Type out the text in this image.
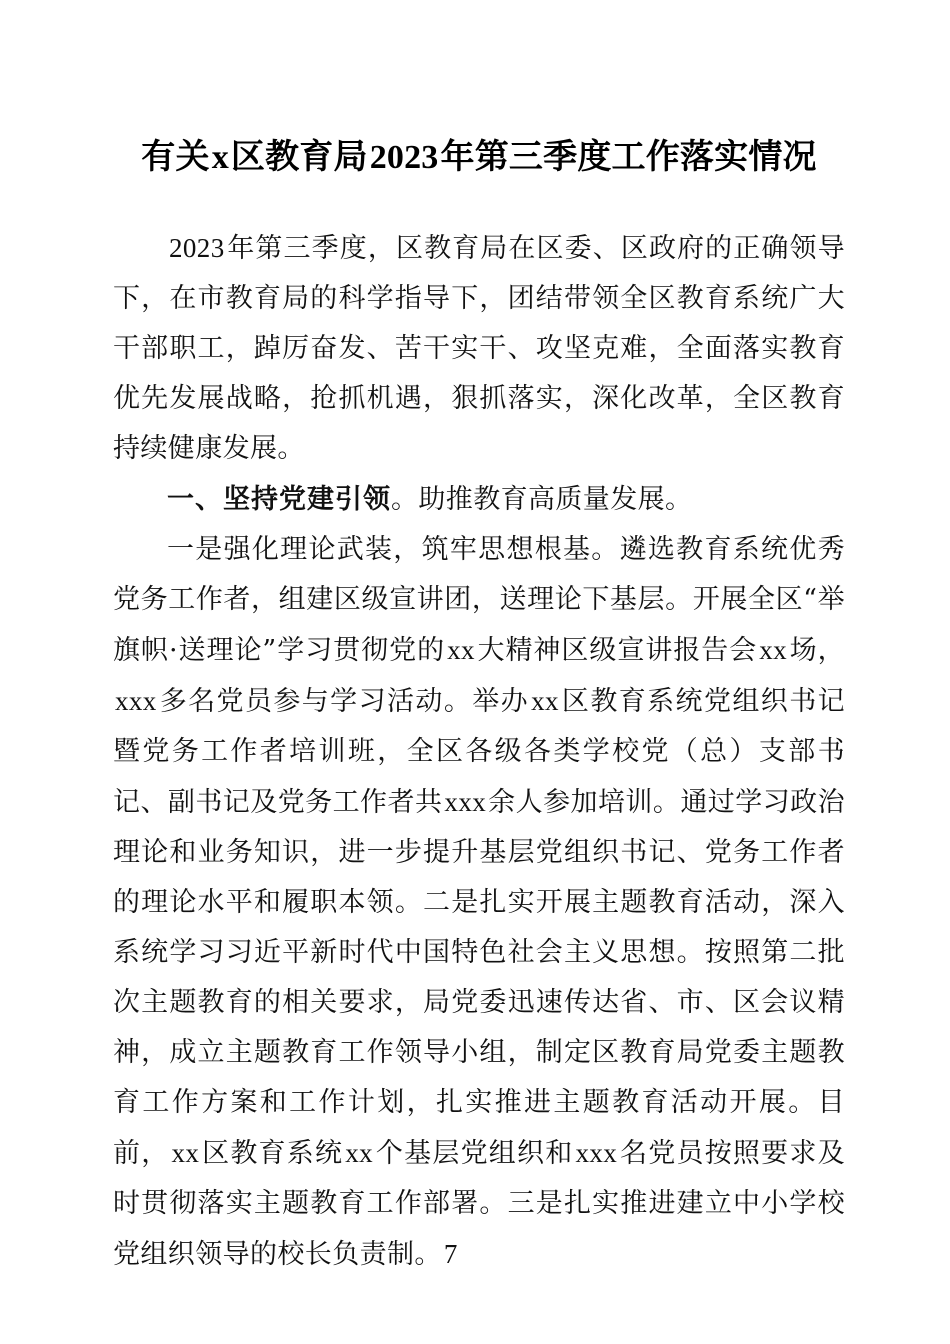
有关x区教育局2023年第三季度工作落实情况

2023年第三季度，区教育局在区委、区政府的正确领导下，在市教育局的科学指导下，团结带领全区教育系统广大干部职工，踔厉奋发、苦干实干、攻坚克难，全面落实教育优先发展战略，抢抓机遇，狠抓落实，深化改革，全区教育持续健康发展。

一、坚持党建引领。助推教育高质量发展。

一是强化理论武装，筑牢思想根基。遴选教育系统优秀党务工作者，组建区级宣讲团，送理论下基层。开展全区“举旗帜·送理论”学习贯彻党的xx大精神区级宣讲报告会xx场，xxx多名党员参与学习活动。举办xx区教育系统党组织书记暨党务工作者培训班，全区各级各类学校党（总）支部书记、副书记及党务工作者共xxx余人参加培训。通过学习政治理论和业务知识，进一步提升基层党组织书记、党务工作者的理论水平和履职本领。二是扎实开展主题教育活动，深入系统学习习近平新时代中国特色社会主义思想。按照第二批次主题教育的相关要求，局党委迅速传达省、市、区会议精神，成立主题教育工作领导小组，制定区教育局党委主题教育工作方案和工作计划，扎实推进主题教育活动开展。目前，xx区教育系统xx个基层党组织和xxx名党员按照要求及时贯彻落实主题教育工作部署。三是扎实推进建立中小学校党组织领导的校长负责制。7
